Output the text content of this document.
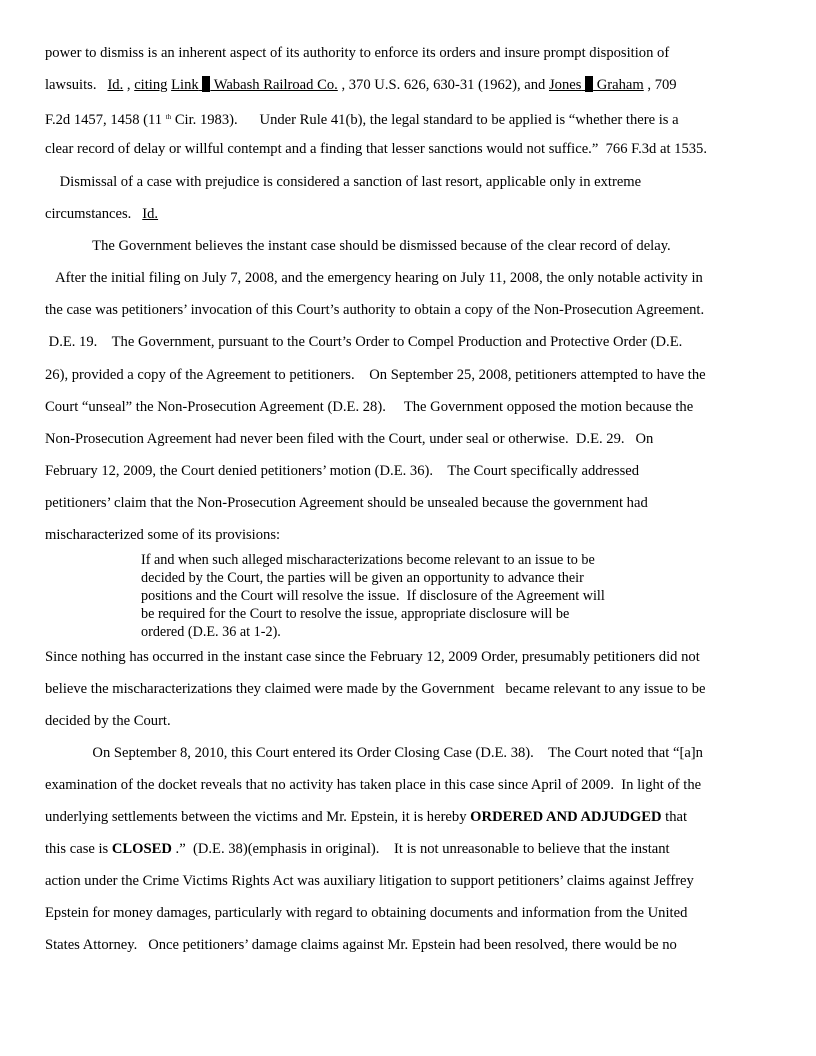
power to dismiss is an inherent aspect of its authority to enforce its orders and insure prompt disposition of
lawsuits.   Id. , citing Link  Wabash Railroad Co. , 370 U.S. 626, 630-31 (1962), and Jones  Graham , 709
F.2d 1457, 1458 (11 $^{th}$ Cir. 1983).      Under Rule 41(b), the legal standard to be applied is “whether there is a
clear record of delay or willful contempt and a finding that lesser sanctions would not suffice.”  766 F.3d at 1535.
Dismissal of a case with prejudice is considered a sanction of last resort, applicable only in extreme
circumstances.   Id.
The Government believes the instant case should be dismissed because of the clear record of delay.
After the initial filing on July 7, 2008, and the emergency hearing on July 11, 2008, the only notable activity in
the case was petitioners’ invocation of this Court’s authority to obtain a copy of the Non-Prosecution Agreement.
D.E. 19.    The Government, pursuant to the Court’s Order to Compel Production and Protective Order (D.E.
26), provided a copy of the Agreement to petitioners.    On September 25, 2008, petitioners attempted to have the
Court “unseal” the Non-Prosecution Agreement (D.E. 28).     The Government opposed the motion because the
Non-Prosecution Agreement had never been filed with the Court, under seal or otherwise.  D.E. 29.   On
February 12, 2009, the Court denied petitioners’ motion (D.E. 36).    The Court specifically addressed
petitioners’ claim that the Non-Prosecution Agreement should be unsealed because the government had
mischaracterized some of its provisions:
If and when such alleged mischaracterizations become relevant to an issue to be
decided by the Court, the parties will be given an opportunity to advance their
positions and the Court will resolve the issue.  If disclosure of the Agreement will
be required for the Court to resolve the issue, appropriate disclosure will be
ordered (D.E. 36 at 1-2).
Since nothing has occurred in the instant case since the February 12, 2009 Order, presumably petitioners did not
believe the mischaracterizations they claimed were made by the Government   became relevant to any issue to be
decided by the Court.
On September 8, 2010, this Court entered its Order Closing Case (D.E. 38).    The Court noted that “[a]n
examination of the docket reveals that no activity has taken place in this case since April of 2009.  In light of the
underlying settlements between the victims and Mr. Epstein, it is hereby ORDERED AND ADJUDGED that
this case is CLOSED .”  (D.E. 38)(emphasis in original).    It is not unreasonable to believe that the instant
action under the Crime Victims Rights Act was auxiliary litigation to support petitioners’ claims against Jeffrey
Epstein for money damages, particularly with regard to obtaining documents and information from the United
States Attorney.   Once petitioners’ damage claims against Mr. Epstein had been resolved, there would be no
